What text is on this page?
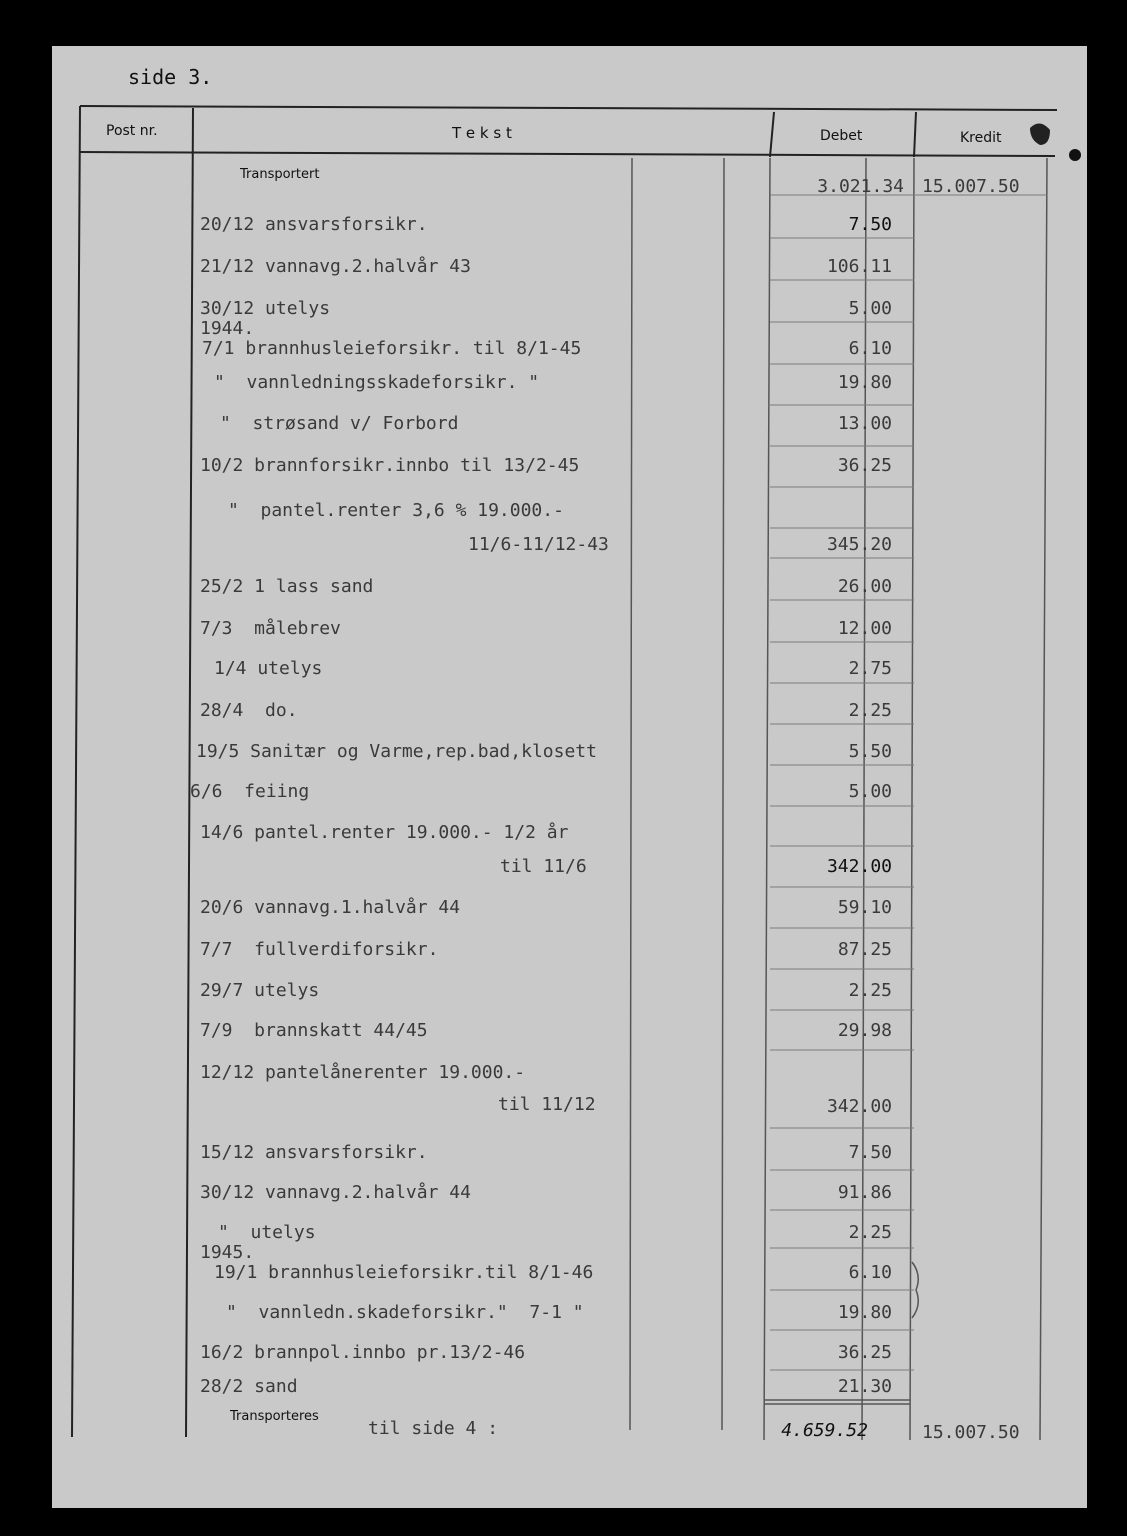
side 3.
Post nr.	T e k s t	Debet	Kredit
Transportert
3.021.34 15.007.50
20/12 ansvarsforsikr.	7.50
21/12 vannavg.2.halvår 43	106.11
30/12 utelys	5.00
1944.
7/1 brannhusleieforsikr. til 8/1-45	6.10
"  vannledningsskadeforsikr. "	19.80
"  strøsand v/ Forbord	13.00
10/2 brannforsikr.innbo til 13/2-45	36.25
"  pantel.renter 3,6 % 19.000.-
11/6-11/12-43	345.20
25/2 1 lass sand	26.00
7/3  målebrev	12.00
1/4 utelys	2.75
28/4  do.	2.25
19/5 Sanitær og Varme,rep.bad,klosett	5.50
6/6  feiing	5.00
14/6 pantel.renter 19.000.- 1/2 år
til 11/6	342.00
20/6 vannavg.1.halvår 44	59.10
7/7  fullverdiforsikr.	87.25
29/7 utelys	2.25
7/9  brannskatt 44/45	29.98
12/12 pantelånerenter 19.000.-
til 11/12	342.00
15/12 ansvarsforsikr.	7.50
30/12 vannavg.2.halvår 44	91.86
"  utelys	2.25
1945.
19/1 brannhusleieforsikr.til 8/1-46	6.10
"  vannledn.skadeforsikr."  7-1 "	19.80
16/2 brannpol.innbo pr.13/2-46	36.25
28/2 sand	21.30
Transporteres
til side 4 :	4.659.52	15.007.50
